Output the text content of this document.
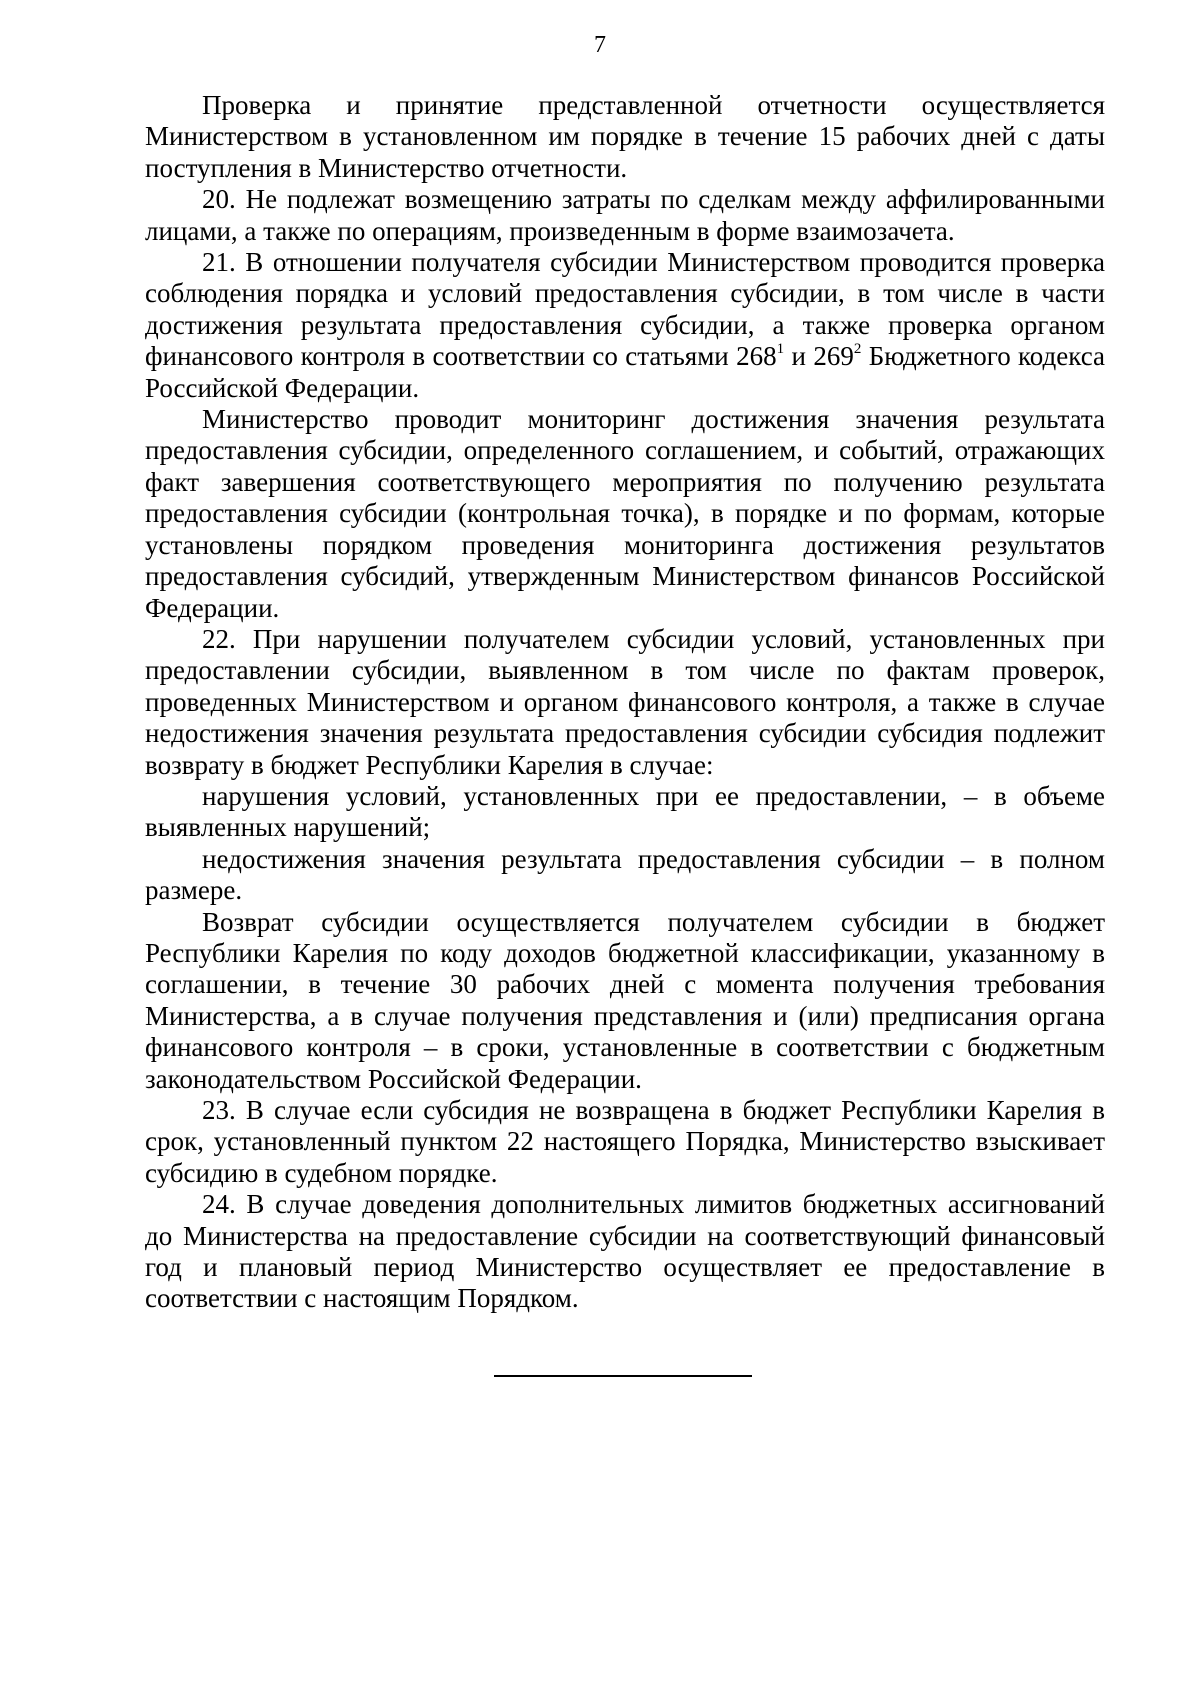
7

Проверка и принятие представленной отчетности осуществляется Министерством в установленном им порядке в течение 15 рабочих дней с даты поступления в Министерство отчетности.

20. Не подлежат возмещению затраты по сделкам между аффилированными лицами, а также по операциям, произведенным в форме взаимозачета.

21. В отношении получателя субсидии Министерством проводится проверка соблюдения порядка и условий предоставления субсидии, в том числе в части достижения результата предоставления субсидии, а также проверка органом финансового контроля в соответствии со статьями $268^1$ и $269^2$ Бюджетного кодекса Российской Федерации.

Министерство проводит мониторинг достижения значения результата предоставления субсидии, определенного соглашением, и событий, отражающих факт завершения соответствующего мероприятия по получению результата предоставления субсидии (контрольная точка), в порядке и по формам, которые установлены порядком проведения мониторинга достижения результатов предоставления субсидий, утвержденным Министерством финансов Российской Федерации.

22. При нарушении получателем субсидии условий, установленных при предоставлении субсидии, выявленном в том числе по фактам проверок, проведенных Министерством и органом финансового контроля, а также в случае недостижения значения результата предоставления субсидии субсидия подлежит возврату в бюджет Республики Карелия в случае:

нарушения условий, установленных при ее предоставлении, – в объеме выявленных нарушений;

недостижения значения результата предоставления субсидии – в полном размере.

Возврат субсидии осуществляется получателем субсидии в бюджет Республики Карелия по коду доходов бюджетной классификации, указанному в соглашении, в течение 30 рабочих дней с момента получения требования Министерства, а в случае получения представления и (или) предписания органа финансового контроля – в сроки, установленные в соответствии с бюджетным законодательством Российской Федерации.

23. В случае если субсидия не возвращена в бюджет Республики Карелия в срок, установленный пунктом 22 настоящего Порядка, Министерство взыскивает субсидию в судебном порядке.

24. В случае доведения дополнительных лимитов бюджетных ассигнований до Министерства на предоставление субсидии на соответствующий финансовый год и плановый период Министерство осуществляет ее предоставление в соответствии с настоящим Порядком.
